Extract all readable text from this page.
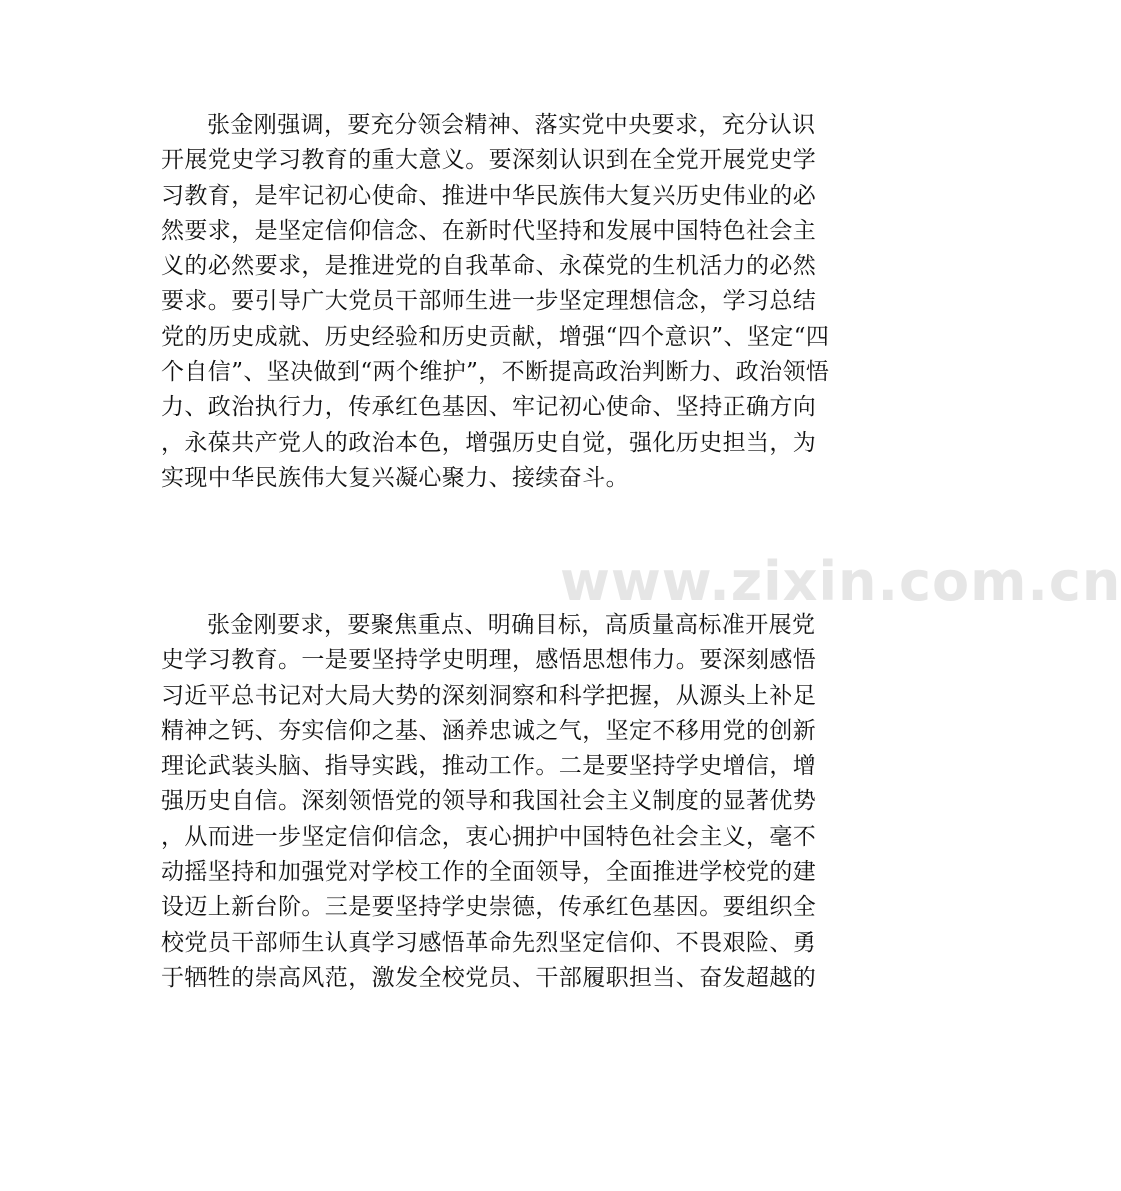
www.zixin.com.cn
张金刚强调，要充分领会精神、落实党中央要求，充分认识
开展党史学习教育的重大意义。要深刻认识到在全党开展党史学
习教育，是牢记初心使命、推进中华民族伟大复兴历史伟业的必
然要求，是坚定信仰信念、在新时代坚持和发展中国特色社会主
义的必然要求，是推进党的自我革命、永葆党的生机活力的必然
要求。要引导广大党员干部师生进一步坚定理想信念，学习总结
党的历史成就、历史经验和历史贡献，增强“四个意识”、坚定“四
个自信”、坚决做到“两个维护”，不断提高政治判断力、政治领悟
力、政治执行力，传承红色基因、牢记初心使命、坚持正确方向
，永葆共产党人的政治本色，增强历史自觉，强化历史担当，为
实现中华民族伟大复兴凝心聚力、接续奋斗。
张金刚要求，要聚焦重点、明确目标，高质量高标准开展党
史学习教育。一是要坚持学史明理，感悟思想伟力。要深刻感悟
习近平总书记对大局大势的深刻洞察和科学把握，从源头上补足
精神之钙、夯实信仰之基、涵养忠诚之气，坚定不移用党的创新
理论武装头脑、指导实践，推动工作。二是要坚持学史增信，增
强历史自信。深刻领悟党的领导和我国社会主义制度的显著优势
，从而进一步坚定信仰信念，衷心拥护中国特色社会主义，毫不
动摇坚持和加强党对学校工作的全面领导，全面推进学校党的建
设迈上新台阶。三是要坚持学史崇德，传承红色基因。要组织全
校党员干部师生认真学习感悟革命先烈坚定信仰、不畏艰险、勇
于牺牲的崇高风范，激发全校党员、干部履职担当、奋发超越的
